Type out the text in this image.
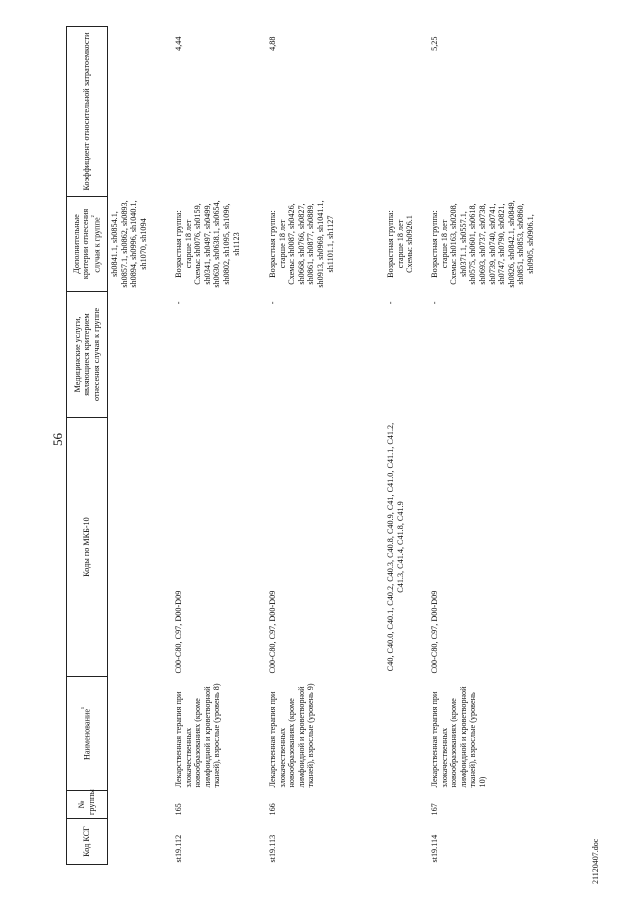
56
21120407.doc
Код КСГ	№ группы	Наименование$^{^1}$	Коды по МКБ-10	Медицинские услуги, являющиеся критерием отнесения случая к группе	Дополнительные критерии отнесения случая к группе$^{^2}$	Коэффициент относительной затратоемкости
					sh0841.1, sh0854.1, sh0857.1, sh0862, sh0893, sh0894, sh0996, sh1040.1, sh1070, sh1094	
st19.112	165	Лекарственная терапия при злокачественных новообразованиях (кроме лимфоидной и кроветворной тканей), взрослые (уровень 8)	C00-C80, C97, D00-D09	-	Возрастная группа: старше 18 лет Схемы: sh0076, sh0159, sh0341, sh0497, sh0499, sh0630, sh0638.1, sh0654, sh0802, sh1095, sh1096, sh1123	4,44
st19.113	166	Лекарственная терапия при злокачественных новообразованиях (кроме лимфоидной и кроветворной тканей), взрослые (уровень 9)	C00-C80, C97, D00-D09	-	Возрастная группа: старше 18 лет Схемы: sh0087, sh0426, sh0668, sh0766, sh0827, sh0861, sh0877, sh0889, sh0913, sh0969, sh1041.1, sh1101.1, sh1127	4,88
			C40, C40.0, C40.1, C40.2, C40.3, C40.8, C40.9, C41, C41.0, C41.1, C41.2, C41.3, C41.4, C41.8, C41.9	-	Возрастная группа: старше 18 лет Схемы: sh0926.1	

st19.114	167	Лекарственная терапия при злокачественных новообразованиях (кроме лимфоидной и кроветворной тканей), взрослые (уровень 10)	C00-C80, C97, D00-D09	-	Возрастная группа: старше 18 лет Схемы: sh0163, sh0208, sh0371.1, sh0557.1, sh0575, sh0601, sh0618, sh0693, sh0737, sh0738, sh0739, sh0740, sh0741, sh0747, sh0790, sh0821, sh0826, sh0842.1, sh0849, sh0851, sh0853, sh0860, sh0905, sh0906.1,	5,25
